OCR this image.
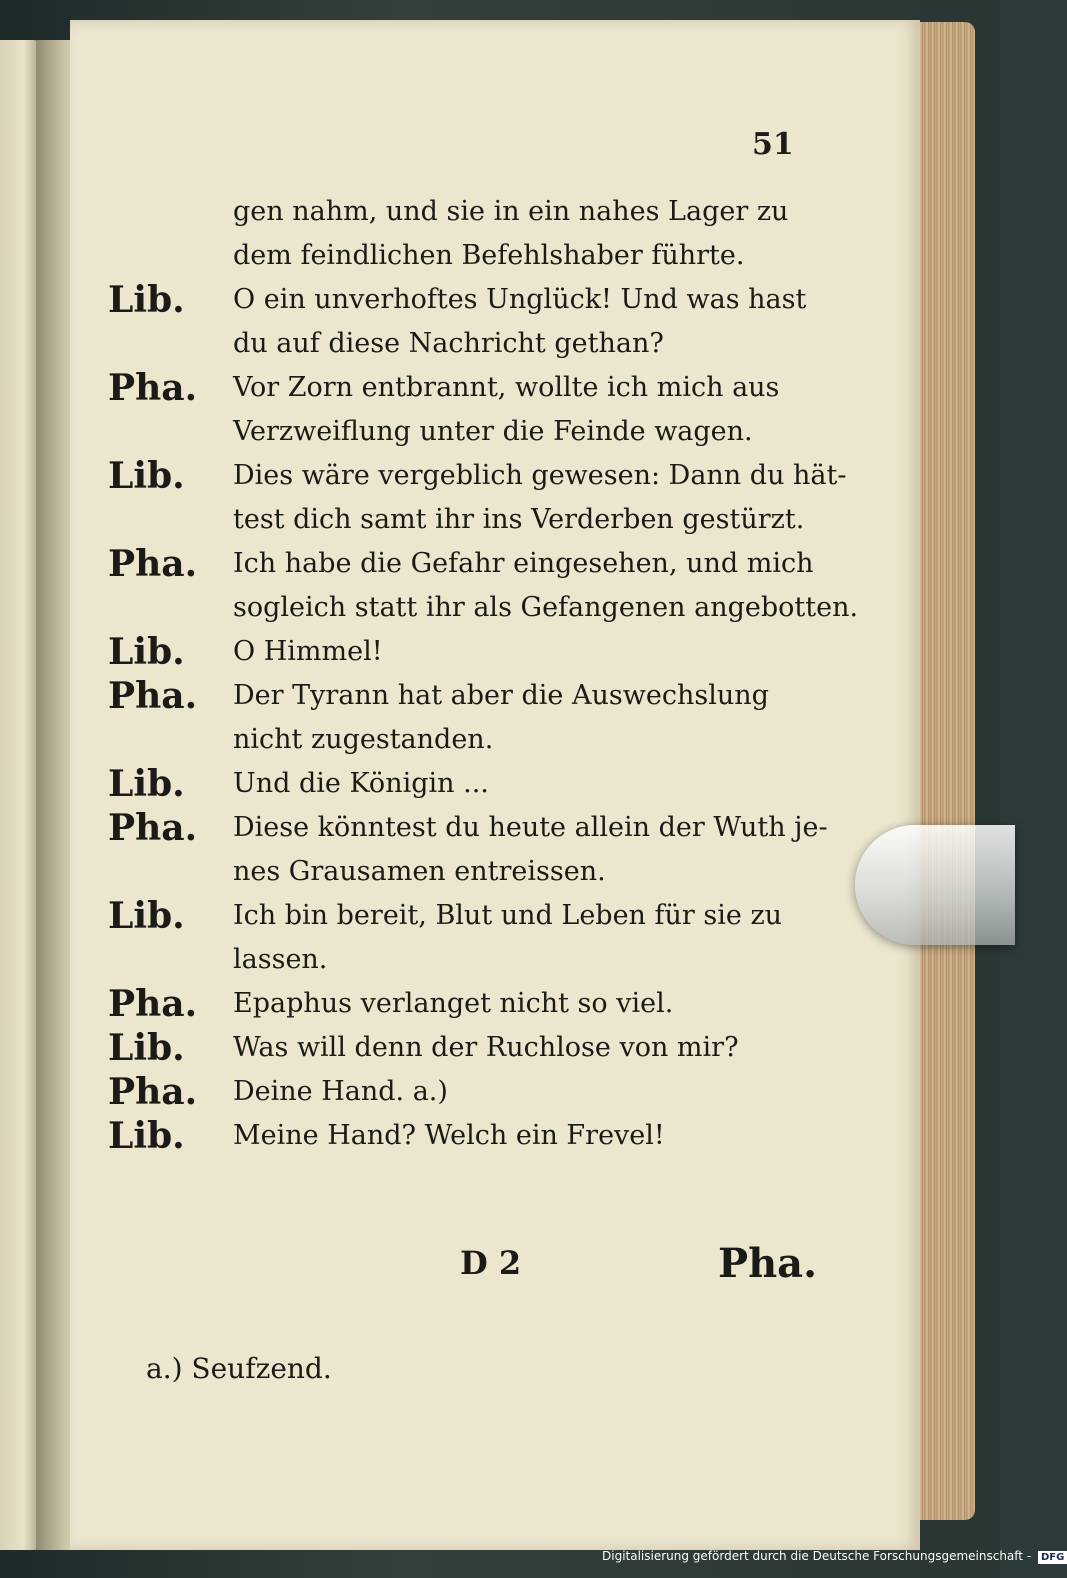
51
gen nahm, und sie in ein nahes Lager zu
dem feindlichen Befehlshaber führte.
Lib.	O ein unverhoftes Unglück! Und was hast
du auf diese Nachricht gethan?
Pha.	Vor Zorn entbrannt, wollte ich mich aus
Verzweiflung unter die Feinde wagen.
Lib.	Dies wäre vergeblich gewesen: Dann du hät-
test dich samt ihr ins Verderben gestürzt.
Pha.	Ich habe die Gefahr eingesehen, und mich
sogleich statt ihr als Gefangenen angebotten.
Lib.	O Himmel!
Pha.	Der Tyrann hat aber die Auswechslung
nicht zugestanden.
Lib.	Und die Königin ...
Pha.	Diese könntest du heute allein der Wuth je-
nes Grausamen entreissen.
Lib.	Ich bin bereit, Blut und Leben für sie zu
lassen.
Pha.	Epaphus verlanget nicht so viel.
Lib.	Was will denn der Ruchlose von mir?
Pha.	Deine Hand. a.)
Lib.	Meine Hand? Welch ein Frevel!
D 2	Pha.
a.) Seufzend.
Digitalisierung gefördert durch die Deutsche Forschungsgemeinschaft - DFG
